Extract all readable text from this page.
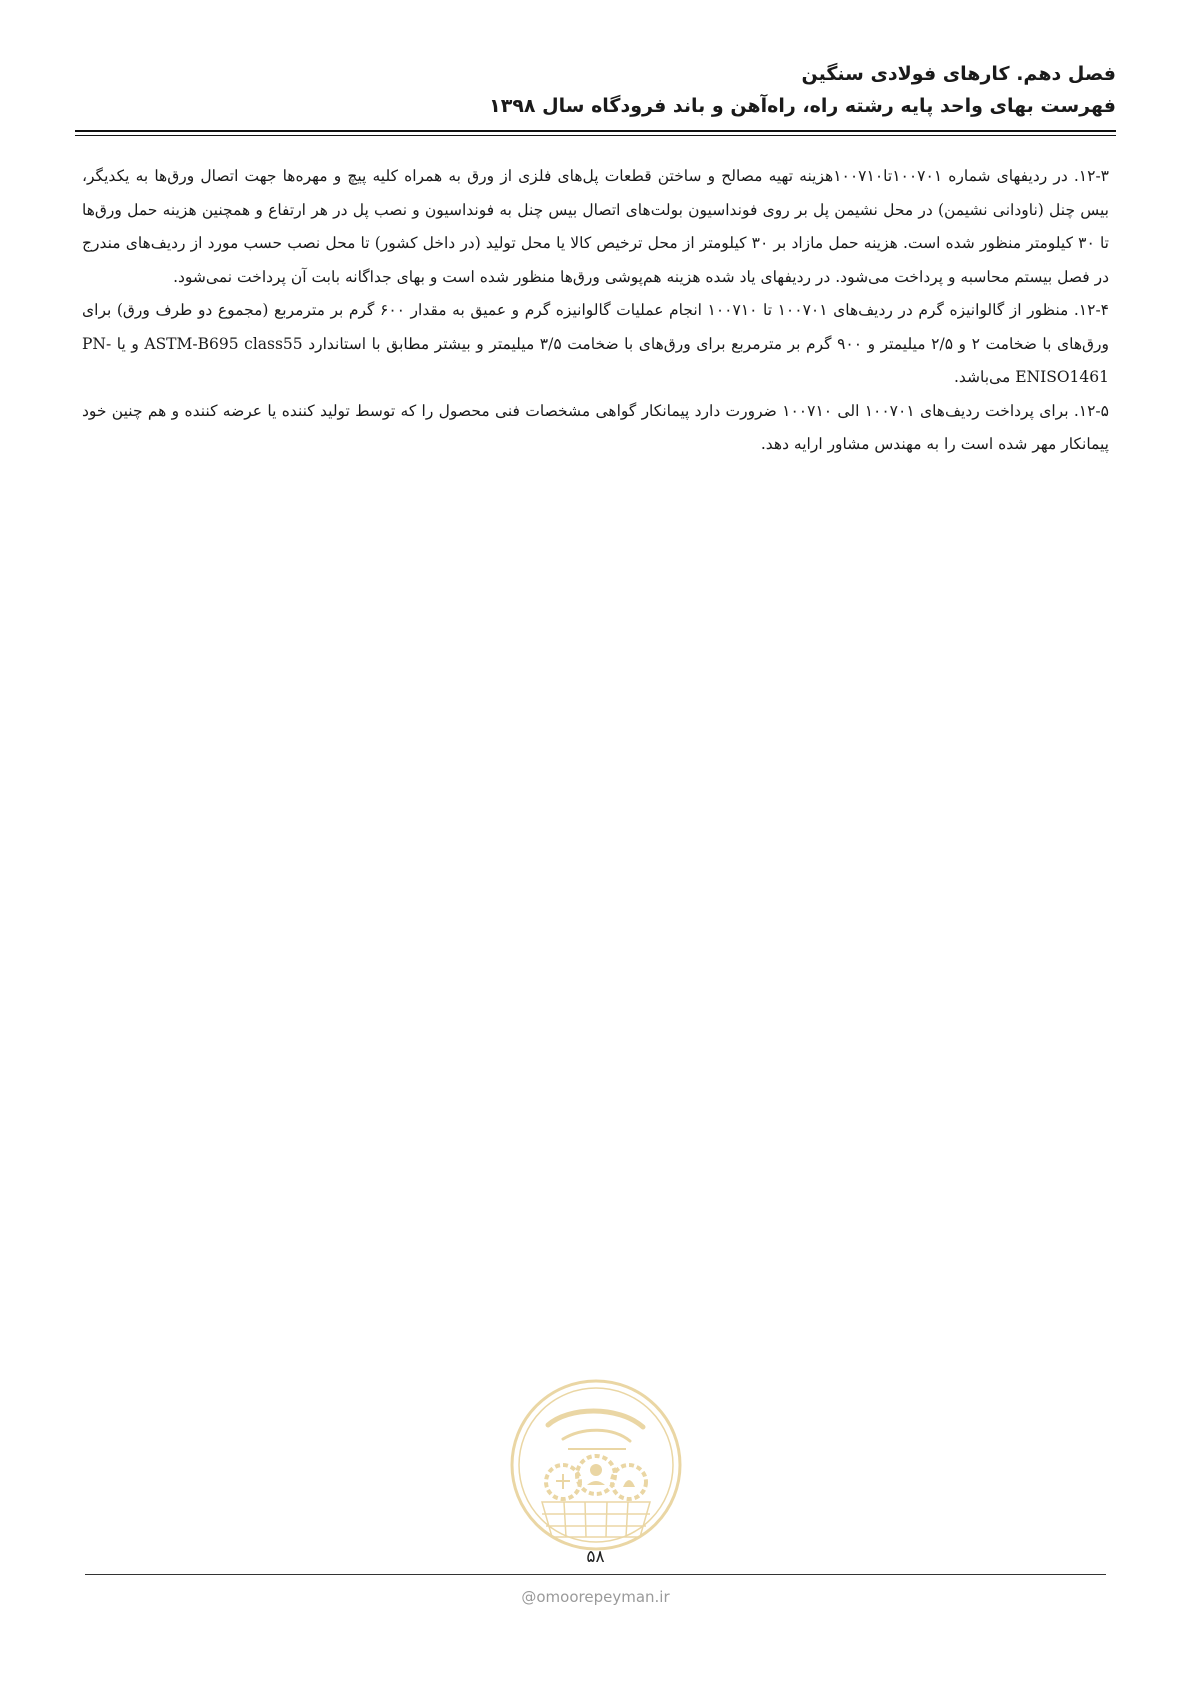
فصل دهم. کارهای فولادی سنگین
فهرست بهای واحد پایه رشته راه، راه‌آهن و باند فرودگاه سال ۱۳۹۸

۱۲-۳. در ردیفهای شماره ۱۰۰۷۰۱تا۱۰۰۷۱۰هزینه تهیه مصالح و ساختن قطعات پل‌های فلزی از ورق به همراه کلیه پیچ و مهره‌ها جهت اتصال ورق‌ها به یکدیگر، بیس چنل (ناودانی نشیمن) در محل نشیمن پل بر روی فونداسیون بولت‌های اتصال بیس چنل به فونداسیون و نصب پل در هر ارتفاع و همچنین هزینه حمل ورق‌ها تا ۳۰ کیلومتر منظور شده است. هزینه حمل مازاد بر ۳۰ کیلومتر از محل ترخیص کالا یا محل تولید (در داخل کشور) تا محل نصب حسب مورد از ردیف‌های مندرج در فصل بیستم محاسبه و پرداخت می‌شود. در ردیفهای یاد شده هزینه هم‌پوشی ورق‌ها منظور شده است و بهای جداگانه بابت آن پرداخت نمی‌شود.

۱۲-۴. منظور از گالوانیزه گرم در ردیف‌های ۱۰۰۷۰۱ تا ۱۰۰۷۱۰ انجام عملیات گالوانیزه گرم و عمیق به مقدار ۶۰۰ گرم بر مترمربع (مجموع دو طرف ورق) برای ورق‌های با ضخامت ۲ و ۲/۵ میلیمتر و ۹۰۰ گرم بر مترمربع برای ورق‌های با ضخامت ۳/۵ میلیمتر و بیشتر مطابق با استاندارد ASTM-B695 class55 و یا PN-ENISO1461 می‌باشد.

۱۲-۵. برای پرداخت ردیف‌های ۱۰۰۷۰۱ الی ۱۰۰۷۱۰ ضرورت دارد پیمانکار گواهی مشخصات فنی محصول را که توسط تولید کننده یا عرضه کننده و هم چنین خود پیمانکار مهر شده است را به مهندس مشاور ارایه دهد.

۵۸
@omoorepeyman.ir
